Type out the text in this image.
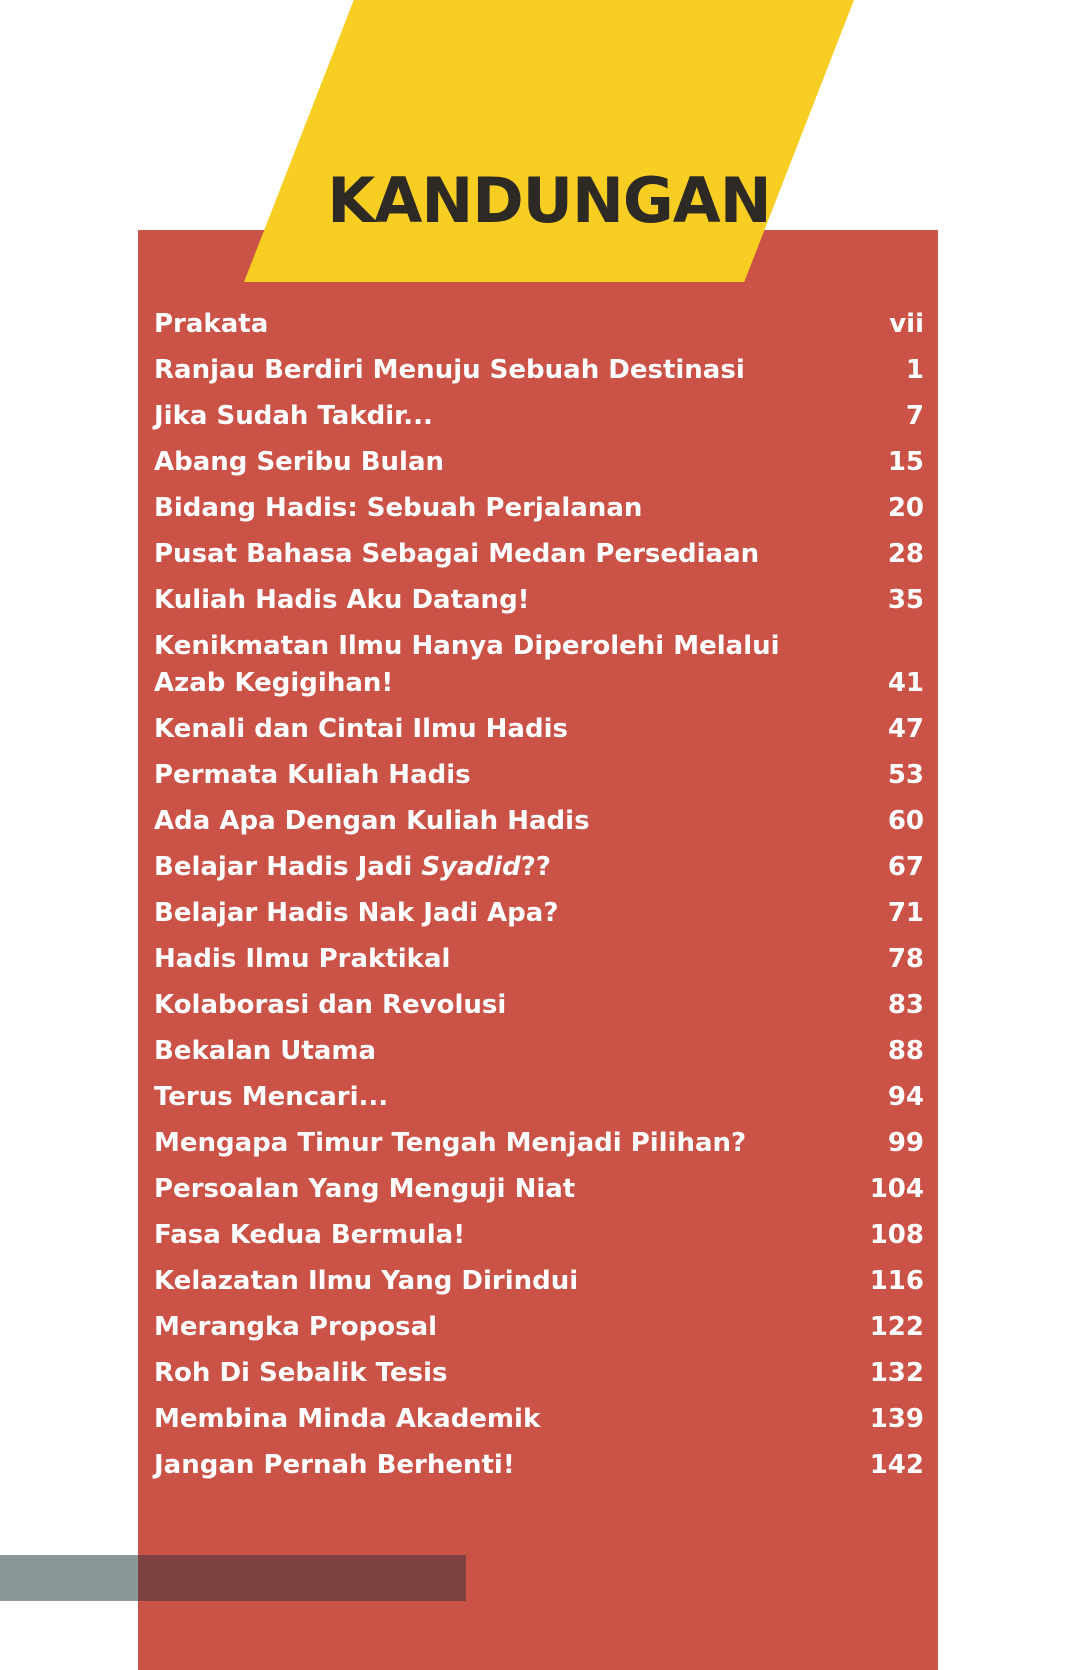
KANDUNGAN
Prakata	vii
Ranjau Berdiri Menuju Sebuah Destinasi	1
Jika Sudah Takdir...	7
Abang Seribu Bulan	15
Bidang Hadis: Sebuah Perjalanan	20
Pusat Bahasa Sebagai Medan Persediaan	28
Kuliah Hadis Aku Datang!	35
Kenikmatan Ilmu Hanya Diperolehi Melalui Azab Kegigihan!	41
Kenali dan Cintai Ilmu Hadis	47
Permata Kuliah Hadis	53
Ada Apa Dengan Kuliah Hadis	60
Belajar Hadis Jadi Syadid??	67
Belajar Hadis Nak Jadi Apa?	71
Hadis Ilmu Praktikal	78
Kolaborasi dan Revolusi	83
Bekalan Utama	88
Terus Mencari...	94
Mengapa Timur Tengah Menjadi Pilihan?	99
Persoalan Yang Menguji Niat	104
Fasa Kedua Bermula!	108
Kelazatan Ilmu Yang Dirindui	116
Merangka Proposal	122
Roh Di Sebalik Tesis	132
Membina Minda Akademik	139
Jangan Pernah Berhenti!	142
